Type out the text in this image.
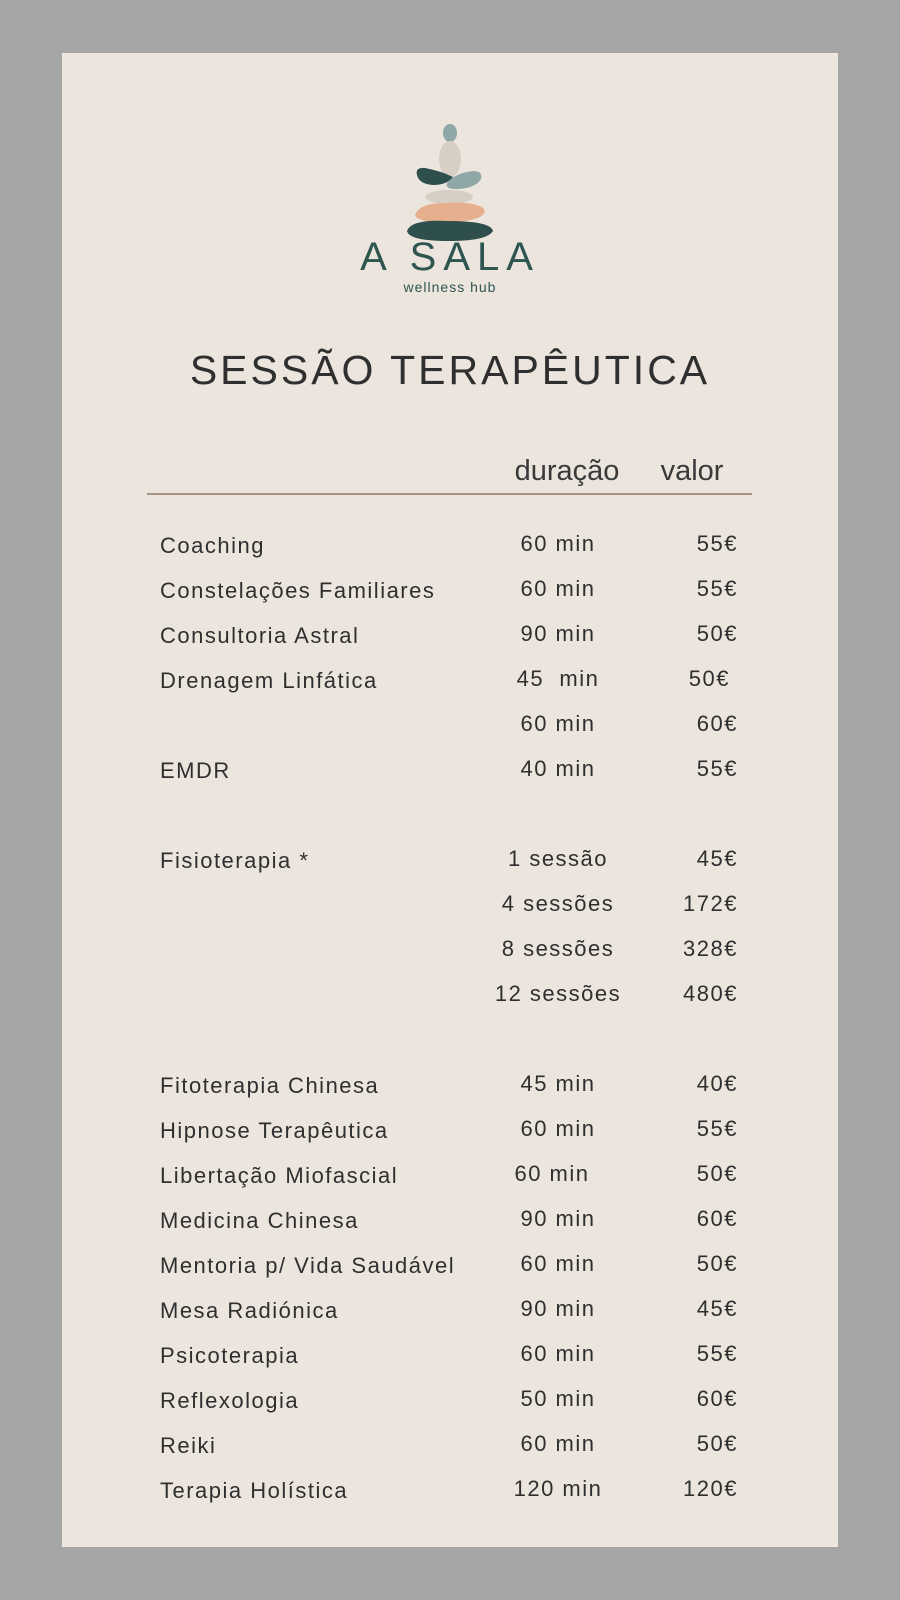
A SALA
wellness hub
SESSÃO TERAPÊUTICA
duração valor
Coaching	60 min	55€
Constelações Familiares	60 min	55€
Consultoria Astral	90 min	50€
Drenagem Linfática	45  min	50€
60 min	60€
EMDR	40 min	55€
Fisioterapia *	1 sessão	45€
4 sessões	172€
8 sessões	328€
12 sessões	480€
Fitoterapia Chinesa	45 min	40€
Hipnose Terapêutica	60 min	55€
Libertação Miofascial	60 min	50€
Medicina Chinesa	90 min	60€
Mentoria p/ Vida Saudável	60 min	50€
Mesa Radiónica	90 min	45€
Psicoterapia	60 min	55€
Reflexologia	50 min	60€
Reiki	60 min	50€
Terapia Holística	120 min	120€
